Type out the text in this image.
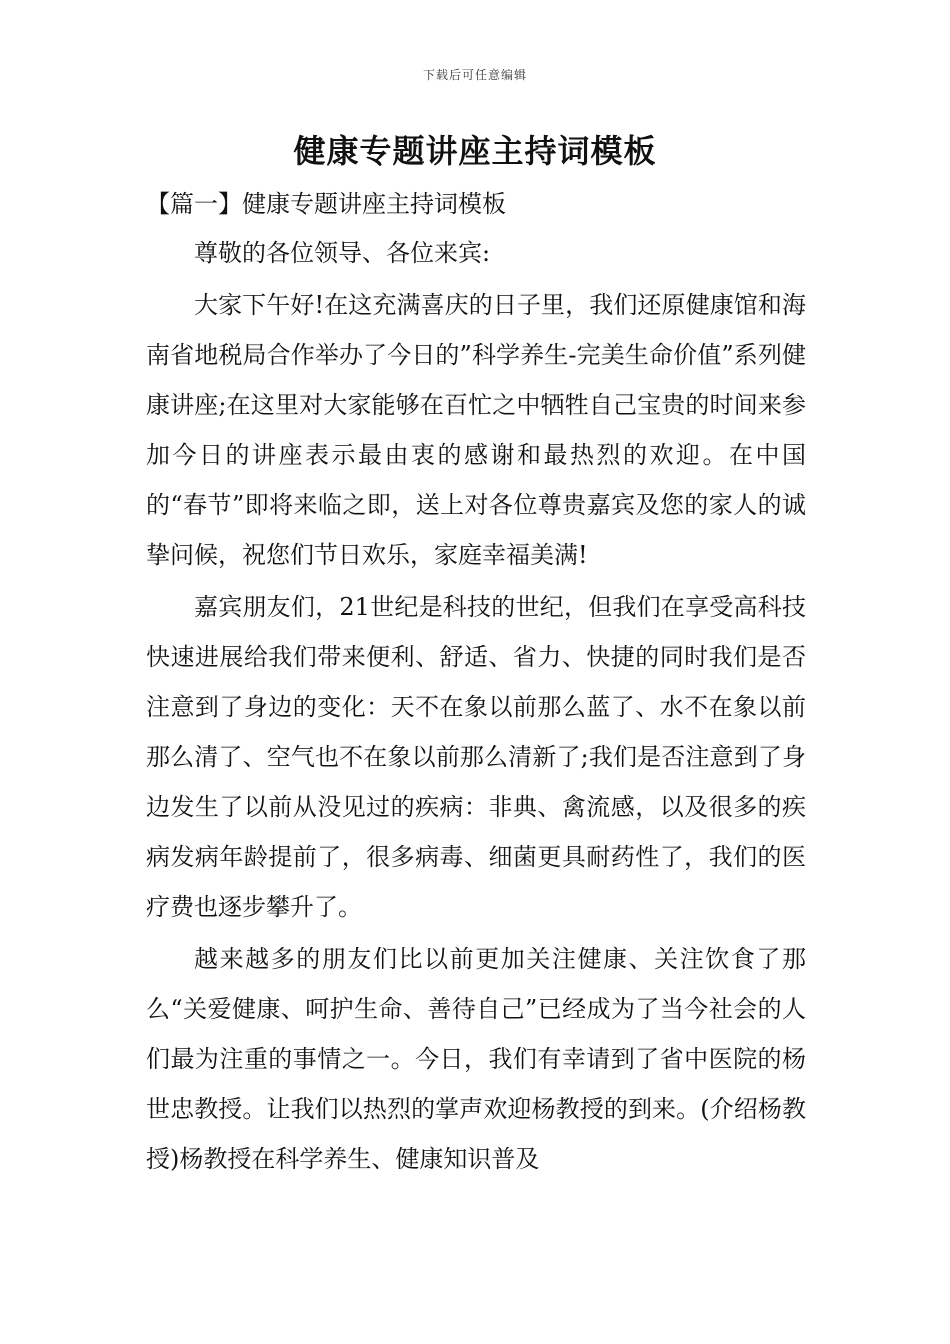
下载后可任意编辑
健康专题讲座主持词模板
【篇一】健康专题讲座主持词模板

尊敬的各位领导、各位来宾:

大家下午好!在这充满喜庆的日子里，我们还原健康馆和海南省地税局合作举办了今日的”科学养生-完美生命价值”系列健康讲座;在这里对大家能够在百忙之中牺牲自己宝贵的时间来参加今日的讲座表示最由衷的感谢和最热烈的欢迎。在中国的“春节”即将来临之即，送上对各位尊贵嘉宾及您的家人的诚挚问候，祝您们节日欢乐，家庭幸福美满!

嘉宾朋友们，21世纪是科技的世纪，但我们在享受高科技快速进展给我们带来便利、舒适、省力、快捷的同时我们是否注意到了身边的变化：天不在象以前那么蓝了、水不在象以前那么清了、空气也不在象以前那么清新了;我们是否注意到了身边发生了以前从没见过的疾病：非典、禽流感，以及很多的疾病发病年龄提前了，很多病毒、细菌更具耐药性了，我们的医疗费也逐步攀升了。

越来越多的朋友们比以前更加关注健康、关注饮食了那么“关爱健康、呵护生命、善待自己”已经成为了当今社会的人们最为注重的事情之一。今日，我们有幸请到了省中医院的杨世忠教授。让我们以热烈的掌声欢迎杨教授的到来。(介绍杨教授)杨教授在科学养生、健康知识普及
